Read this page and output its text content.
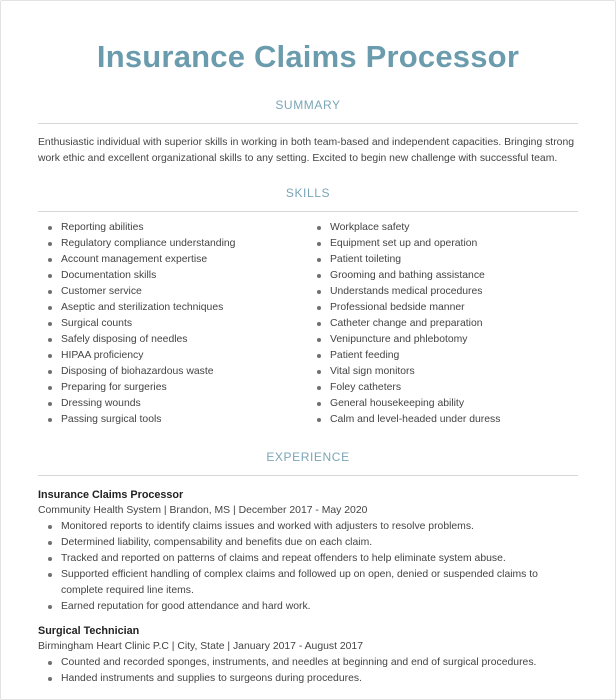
Insurance Claims Processor
SUMMARY

Enthusiastic individual with superior skills in working in both team-based and independent capacities. Bringing strong work ethic and excellent organizational skills to any setting. Excited to begin new challenge with successful team.

SKILLS
Reporting abilities
Regulatory compliance understanding
Account management expertise
Documentation skills
Customer service
Aseptic and sterilization techniques
Surgical counts
Safely disposing of needles
HIPAA proficiency
Disposing of biohazardous waste
Preparing for surgeries
Dressing wounds
Passing surgical tools
Workplace safety
Equipment set up and operation
Patient toileting
Grooming and bathing assistance
Understands medical procedures
Professional bedside manner
Catheter change and preparation
Venipuncture and phlebotomy
Patient feeding
Vital sign monitors
Foley catheters
General housekeeping ability
Calm and level-headed under duress
EXPERIENCE
Insurance Claims Processor
Community Health System | Brandon, MS | December 2017 - May 2020
Monitored reports to identify claims issues and worked with adjusters to resolve problems.
Determined liability, compensability and benefits due on each claim.
Tracked and reported on patterns of claims and repeat offenders to help eliminate system abuse.
Supported efficient handling of complex claims and followed up on open, denied or suspended claims to complete required line items.
Earned reputation for good attendance and hard work.
Surgical Technician
Birmingham Heart Clinic P.C | City, State | January 2017 - August 2017
Counted and recorded sponges, instruments, and needles at beginning and end of surgical procedures.
Handed instruments and supplies to surgeons during procedures.
